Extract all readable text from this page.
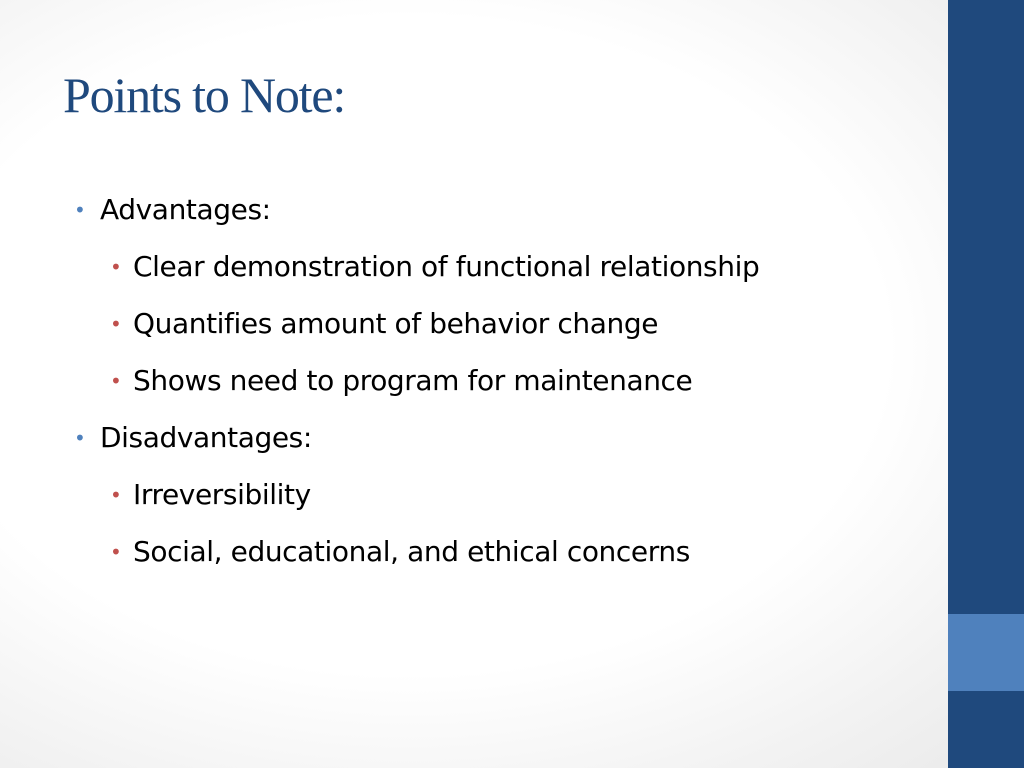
Points to Note:
• Advantages:
• Clear demonstration of functional relationship
• Quantifies amount of behavior change
• Shows need to program for maintenance
• Disadvantages:
• Irreversibility
• Social, educational, and ethical concerns
